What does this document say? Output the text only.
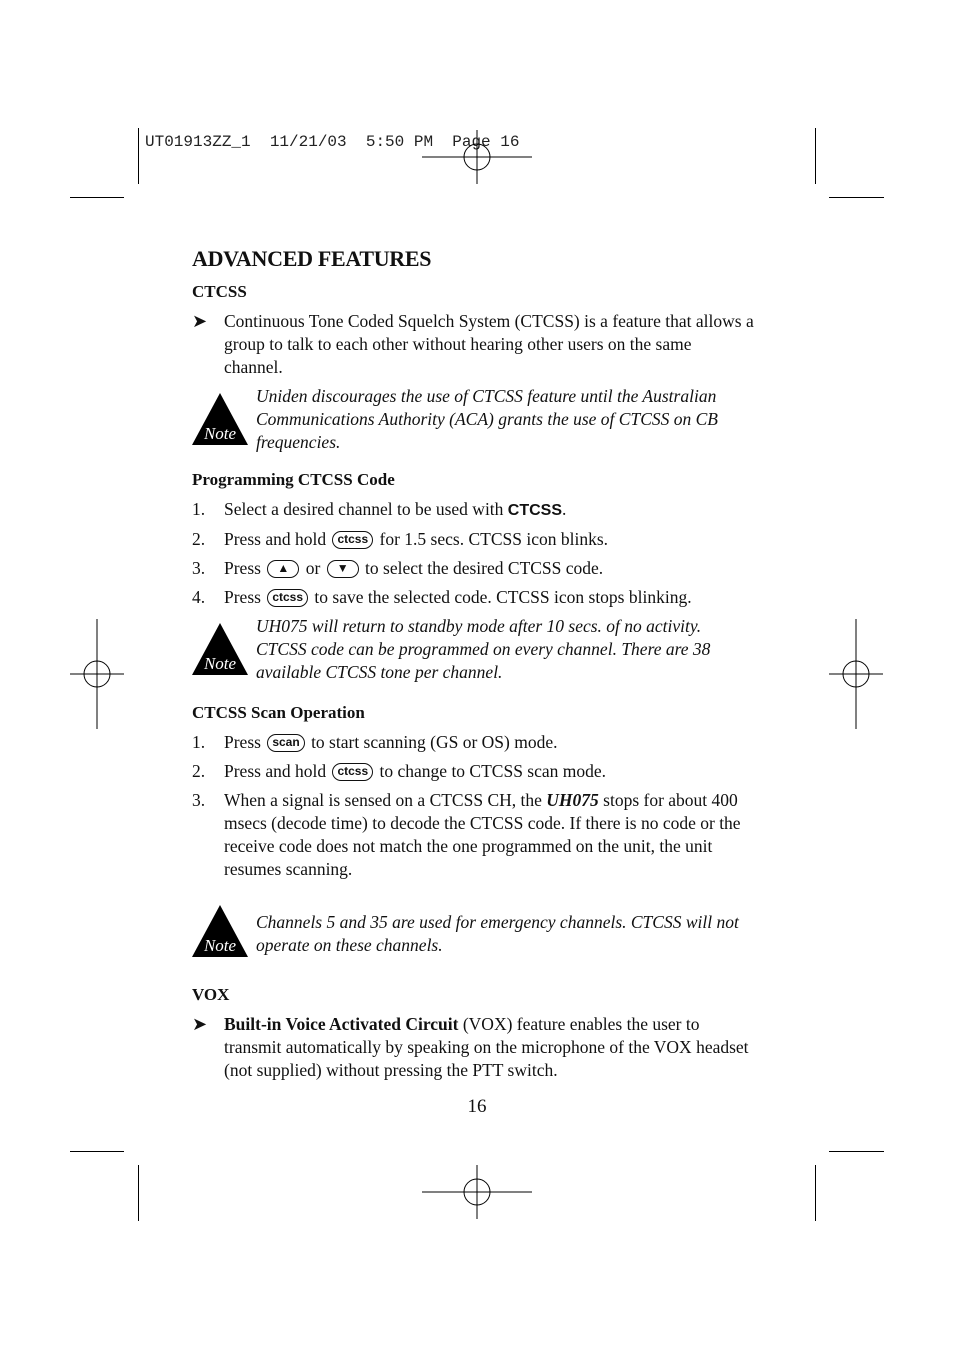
UT01913ZZ_1  11/21/03  5:50 PM  Page 16
ADVANCED FEATURES
CTCSS
➤ Continuous Tone Coded Squelch System (CTCSS) is a feature that allows a group to talk to each other without hearing other users on the same channel.
Note
Uniden discourages the use of CTCSS feature until the Australian Communications Authority (ACA) grants the use of CTCSS on CB frequencies.
Programming CTCSS Code
1. Select a desired channel to be used with CTCSS.
2. Press and hold ctcss for 1.5 secs. CTCSS icon blinks.
3. Press ▲ or ▼ to select the desired CTCSS code.
4. Press ctcss to save the selected code. CTCSS icon stops blinking.
Note
UH075 will return to standby mode after 10 secs. of no activity. CTCSS code can be programmed on every channel. There are 38 available CTCSS tone per channel.
CTCSS Scan Operation
1. Press scan to start scanning (GS or OS) mode.
2. Press and hold ctcss to change to CTCSS scan mode.
3. When a signal is sensed on a CTCSS CH, the UH075 stops for about 400 msecs (decode time) to decode the CTCSS code. If there is no code or the receive code does not match the one programmed on the unit, the unit resumes scanning.
Note
Channels 5 and 35 are used for emergency channels. CTCSS will not operate on these channels.
VOX
➤ Built-in Voice Activated Circuit (VOX) feature enables the user to transmit automatically by speaking on the microphone of the VOX headset (not supplied) without pressing the PTT switch.
16
